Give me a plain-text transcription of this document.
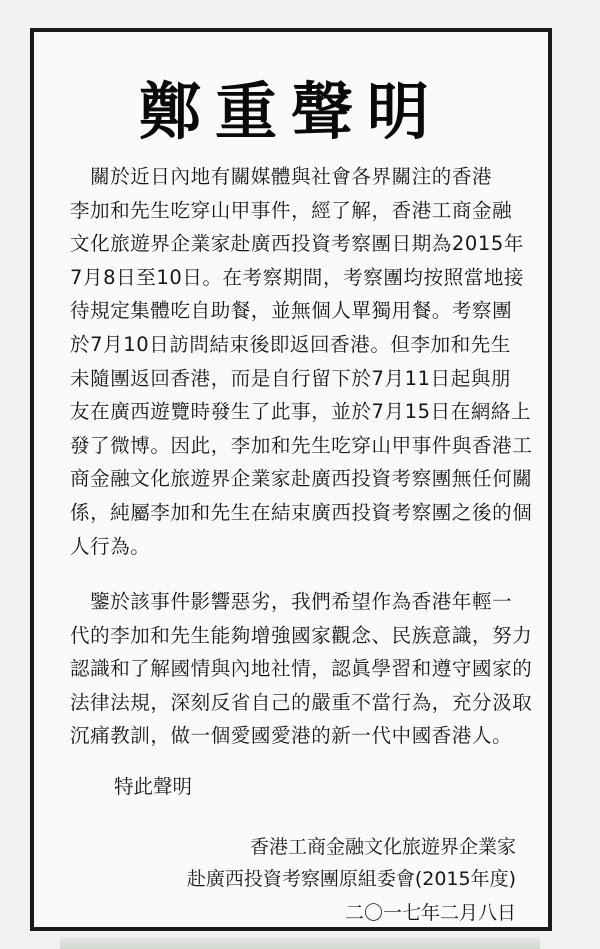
鄭重聲明
　關於近日內地有關媒體與社會各界關注的香港
李加和先生吃穿山甲事件，經了解，香港工商金融
文化旅遊界企業家赴廣西投資考察團日期為2015年
7月8日至10日。在考察期間，考察團均按照當地接
待規定集體吃自助餐，並無個人單獨用餐。考察團
於7月10日訪問結束後即返回香港。但李加和先生
未隨團返回香港，而是自行留下於7月11日起與朋
友在廣西遊覽時發生了此事，並於7月15日在網絡上
發了微博。因此，李加和先生吃穿山甲事件與香港工
商金融文化旅遊界企業家赴廣西投資考察團無任何關
係，純屬李加和先生在結束廣西投資考察團之後的個
人行為。
　鑒於該事件影響惡劣，我們希望作為香港年輕一
代的李加和先生能夠增強國家觀念、民族意識，努力
認識和了解國情與內地社情，認眞學習和遵守國家的
法律法規，深刻反省自己的嚴重不當行為，充分汲取
沉痛教訓，做一個愛國愛港的新一代中國香港人。
特此聲明
香港工商金融文化旅遊界企業家
赴廣西投資考察團原組委會(2015年度)
二〇一七年二月八日
